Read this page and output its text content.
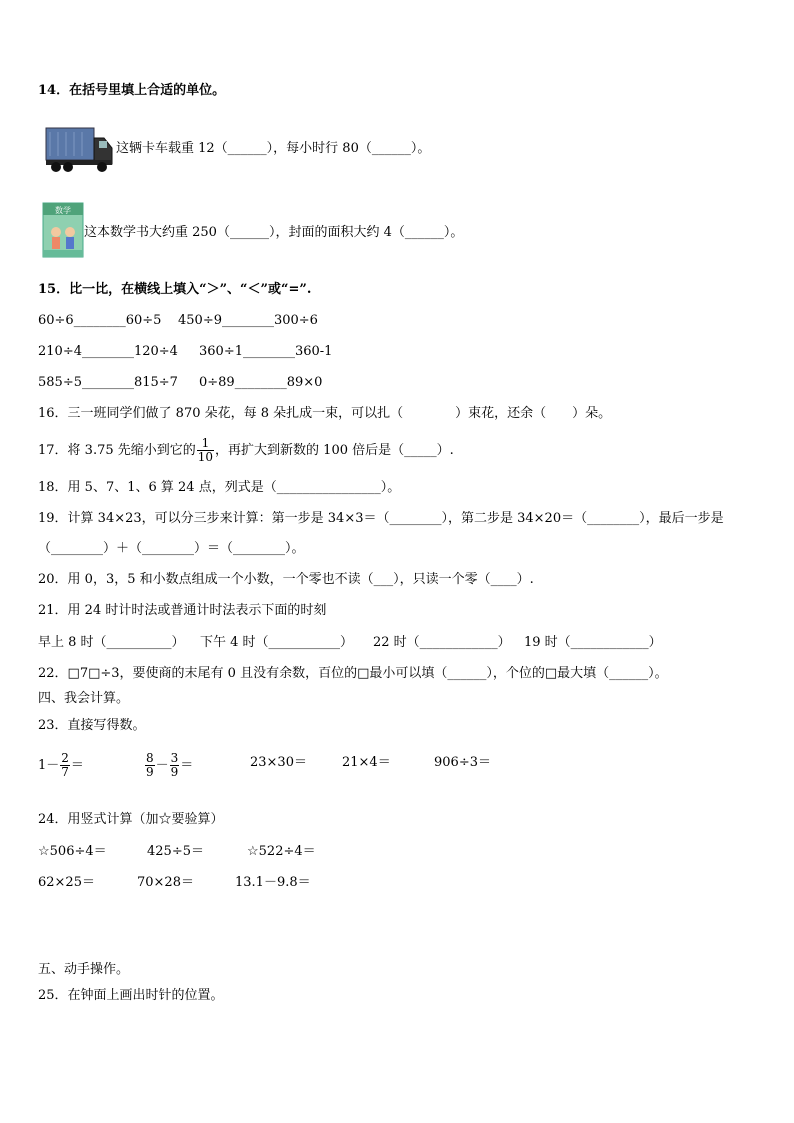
14．在括号里填上合适的单位。
这辆卡车载重 12（______），每小时行 80（______）。
数学
这本数学书大约重 250（______），封面的面积大约 4（______）。
15．比一比，在横线上填入“＞”、“＜”或“=”.
60÷6________60÷5 450÷9________300÷6
210÷4________120÷4 360÷1________360-1
585÷5________815÷7 0÷89________89×0
16．三一班同学们做了 870 朵花，每 8 朵扎成一束，可以扎（　　　　）束花，还余（　　）朵。
17．将 3.75 先缩小到它的 $\frac{1}{10}$ ，再扩大到新数的 100 倍后是（_____）.
18．用 5、7、1、6 算 24 点，列式是（________________）。
19．计算 34×23，可以分三步来计算：第一步是 34×3＝（________），第二步是 34×20＝（________），最后一步是
（________）＋（________）＝（________）。
20．用 0，3，5 和小数点组成一个小数，一个零也不读（___），只读一个零（____）.
21．用 24 时计时法或普通计时法表示下面的时刻
早上 8 时（__________） 下午 4 时（___________） 22 时（____________） 19 时（____________）
22．□7□÷3，要使商的末尾有 0 且没有余数，百位的□最小可以填（______），个位的□最大填（______）。
四、我会计算。
23．直接写得数。
$1- \frac{2}{7}$ ＝	$\frac{8}{9} - \frac{3}{9}$ ＝	23×30＝	21×4＝	906÷3＝
24．用竖式计算（加☆要验算）
☆506÷4＝	425÷5＝	☆522÷4＝
62×25＝	70×28＝	13.1－9.8＝
五、动手操作。
25．在钟面上画出时针的位置。
